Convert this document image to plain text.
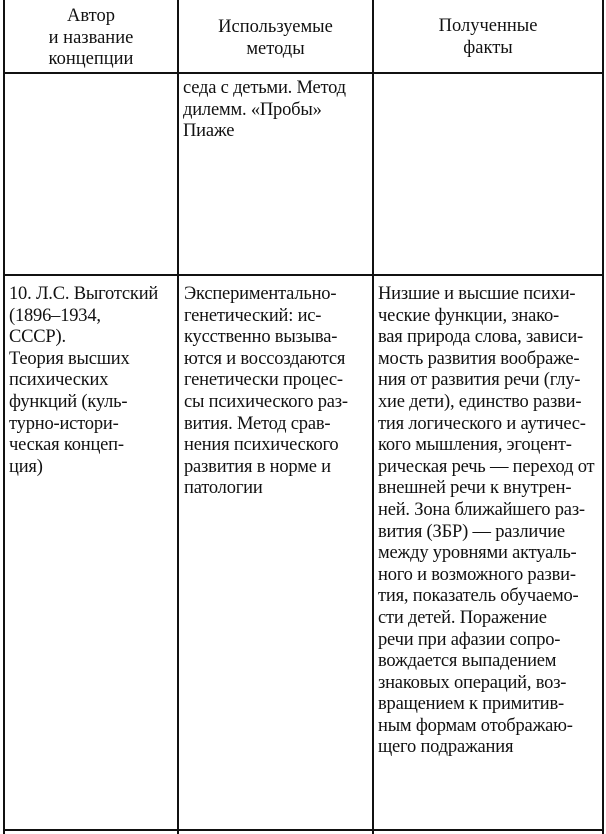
Автор
и название
концепции
Используемые
методы
Полученные
факты
седа с детьми. Метод
дилемм. «Пробы»
Пиаже
10. Л.С. Выготский
(1896–1934,
СССР).
Теория высших
психических
функций (куль-
турно-истори-
ческая концеп-
ция)
Экспериментально-
генетический: ис-
кусственно вызыва-
ются и воссоздаются
генетически процес-
сы психического раз-
вития. Метод срав-
нения психического
развития в норме и
патологии
Низшие и высшие психи-
ческие функции, знако-
вая природа слова, зависи-
мость развития воображе-
ния от развития речи (глу-
хие дети), единство разви-
тия логического и аутичес-
кого мышления, эгоцент-
рическая речь — переход от
внешней речи к внутрен-
ней. Зона ближайшего раз-
вития (ЗБР) — различие
между уровнями актуаль-
ного и возможного разви-
тия, показатель обучаемо-
сти детей. Поражение
речи при афазии сопро-
вождается выпадением
знаковых операций, воз-
вращением к примитив-
ным формам отображаю-
щего подражания
